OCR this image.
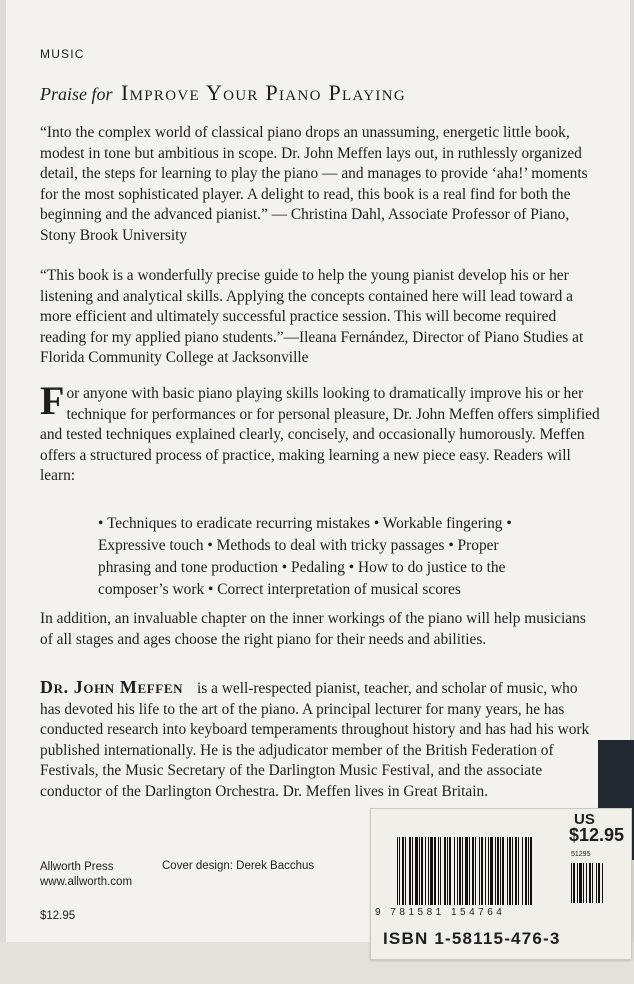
MUSIC
Praise for Improve Your Piano Playing

“Into the complex world of classical piano drops an unassuming, energetic little book, modest in tone but ambitious in scope. Dr. John Meffen lays out, in ruthlessly organized detail, the steps for learning to play the piano — and manages to provide ‘aha!’ moments for the most sophisticated player. A delight to read, this book is a real find for both the beginning and the advanced pianist.” — Christina Dahl, Associate Professor of Piano, Stony Brook University

“This book is a wonderfully precise guide to help the young pianist develop his or her listening and analytical skills. Applying the concepts contained here will lead toward a more efficient and ultimately successful practice session. This will become required reading for my applied piano students.”—Ileana Fernández, Director of Piano Studies at Florida Community College at Jacksonville

For anyone with basic piano playing skills looking to dramatically improve his or her technique for performances or for personal pleasure, Dr. John Meffen offers simplified and tested techniques explained clearly, concisely, and occasionally humorously. Meffen offers a structured process of practice, making learning a new piece easy. Readers will learn:

• Techniques to eradicate recurring mistakes • Workable fingering • Expressive touch • Methods to deal with tricky passages • Proper phrasing and tone production • Pedaling • How to do justice to the composer’s work • Correct interpretation of musical scores

In addition, an invaluable chapter on the inner workings of the piano will help musicians of all stages and ages choose the right piano for their needs and abilities.

Dr. John Meffen is a well-respected pianist, teacher, and scholar of music, who has devoted his life to the art of the piano. A principal lecturer for many years, he has conducted research into keyboard temperaments throughout history and has had his work published internationally. He is the adjudicator member of the British Federation of Festivals, the Music Secretary of the Darlington Music Festival, and the associate conductor of the Darlington Orchestra. Dr. Meffen lives in Great Britain.

Allworth Press
www.allworth.com
Cover design: Derek Bacchus
$12.95
US
$12.95
51295
9 781581 154764
ISBN 1-58115-476-3
